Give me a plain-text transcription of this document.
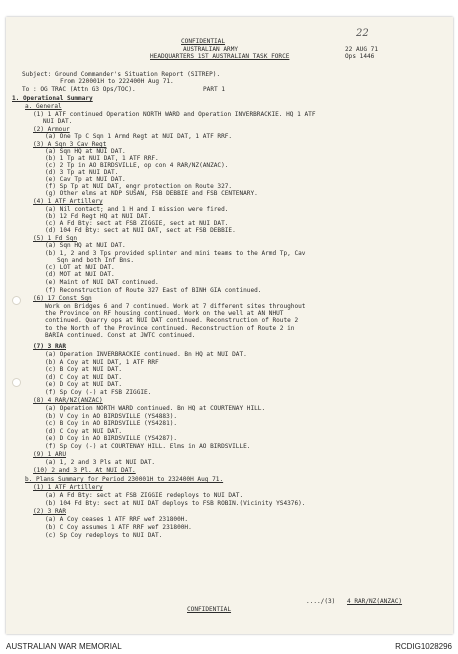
22
CONFIDENTIAL
AUSTRALIAN ARMY
HEADQUARTERS 1ST AUSTRALIAN TASK FORCE
22 AUG 71
Ops 1446
Subject: Ground Commander's Situation Report (SITREP).
From 220001H to 222400H Aug 71.
To : OG TRAC (Attn G3 Ops/TOC).	PART 1
1. Operational Summary
a. General
(1) 1 ATF continued Operation NORTH WARD and Operation INVERBRACKIE. HQ 1 ATF
NUI DAT.
(2) Armour
(a) One Tp C Sqn 1 Armd Regt at NUI DAT, 1 ATF RRF.
(3) A Sqn 3 Cav Regt
(a) Sqn HQ at NUI DAT.
(b) 1 Tp at NUI DAT, 1 ATF RRF.
(c) 2 Tp in AO BIRDSVILLE, op con 4 RAR/NZ(ANZAC).
(d) 3 Tp at NUI DAT.
(e) Cav Tp at NUI DAT.
(f) Sp Tp at NUI DAT, engr protection on Route 327.
(g) Other elms at NDP SUSAN, FSB DEBBIE and FSB CENTENARY.
(4) 1 ATF Artillery
(a) Nil contact; and 1 H and I mission were fired.
(b) 12 Fd Regt HQ at NUI DAT.
(c) A Fd Bty: sect at FSB ZIGGIE, sect at NUI DAT.
(d) 104 Fd Bty: sect at NUI DAT, sect at FSB DEBBIE.
(5) 1 Fd Sqn
(a) Sqn HQ at NUI DAT.
(b) 1, 2 and 3 Tps provided splinter and mini teams to the Armd Tp, Cav
Sqn and both Inf Bns.
(c) LOT at NUI DAT.
(d) MOT at NUI DAT.
(e) Maint of NUI DAT continued.
(f) Reconstruction of Route 327 East of BINH GIA continued.
(6) 17 Const Sqn
Work on Bridges 6 and 7 continued. Work at 7 different sites throughout
the Province on RF housing continued. Work on the well at AN NHUT
continued. Quarry ops at NUI DAT continued. Reconstruction of Route 2
to the North of the Province continued. Reconstruction of Route 2 in
BARIA continued. Const at JWTC continued.
(7) 3 RAR
(a) Operation INVERBRACKIE continued. Bn HQ at NUI DAT.
(b) A Coy at NUI DAT, 1 ATF RRF
(c) B Coy at NUI DAT.
(d) C Coy at NUI DAT.
(e) D Coy at NUI DAT.
(f) Sp Coy (-) at FSB ZIGGIE.
(8) 4 RAR/NZ(ANZAC)
(a) Operation NORTH WARD continued. Bn HQ at COURTENAY HILL.
(b) V Coy in AO BIRDSVILLE (YS4883).
(c) B Coy in AO BIRDSVILLE (YS4281).
(d) C Coy at NUI DAT.
(e) D Coy in AO BIRDSVILLE (YS4287).
(f) Sp Coy (-) at COURTENAY HILL. Elms in AO BIRDSVILLE.
(9) 1 ARU
(a) 1, 2 and 3 Pls at NUI DAT.
(10) 2 and 3 Pl. At NUI DAT.
b. Plans Summary for Period 230001H to 232400H Aug 71.
(1) 1 ATF Artillery
(a) A Fd Bty: sect at FSB ZIGGIE redeploys to NUI DAT.
(b) 104 Fd Bty: sect at NUI DAT deploys to FSB ROBIN.(Vicinity YS4376).
(2) 3 RAR
(a) A Coy ceases 1 ATF RRF wef 231800H.
(b) C Coy assumes 1 ATF RRF wef 231800H.
(c) Sp Coy redeploys to NUI DAT.
..../(3) 4 RAR/NZ(ANZAC)
CONFIDENTIAL
AUSTRALIAN WAR MEMORIAL	RCDIG1028296
